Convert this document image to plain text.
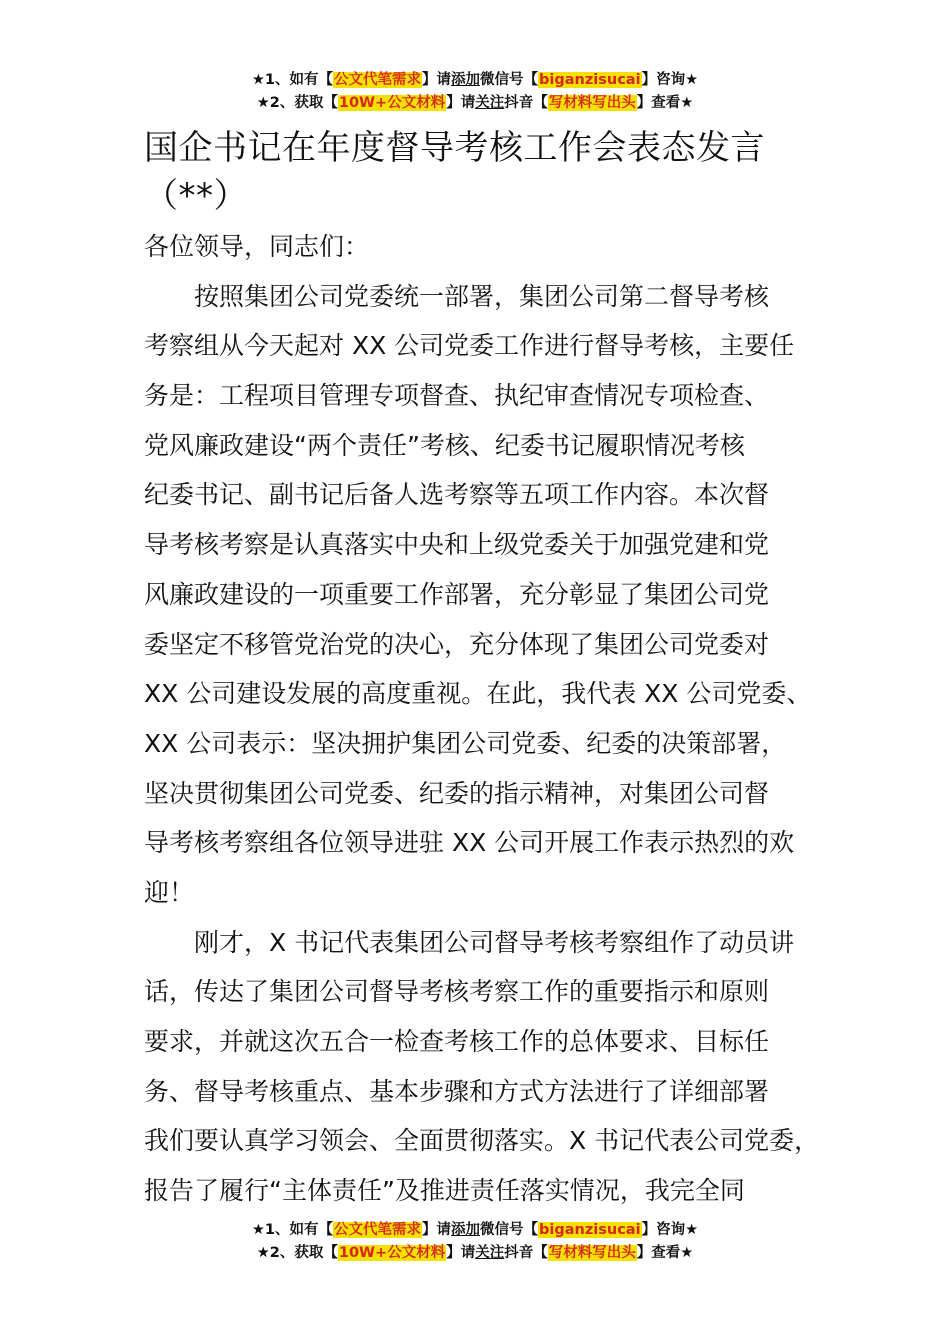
★1、如有【公文代笔需求】请添加微信号【biganzisucai】咨询★
★2、获取【10W+公文材料】请关注抖音【写材料写出头】查看★
国企书记在年度督导考核工作会表态发言
（**）

各位领导，同志们：

按照集团公司党委统一部署，集团公司第二督导考核
考察组从今天起对 XX 公司党委工作进行督导考核，主要任
务是：工程项目管理专项督查、执纪审查情况专项检查、
党风廉政建设“两个责任”考核、纪委书记履职情况考核
纪委书记、副书记后备人选考察等五项工作内容。本次督
导考核考察是认真落实中央和上级党委关于加强党建和党
风廉政建设的一项重要工作部署，充分彰显了集团公司党
委坚定不移管党治党的决心，充分体现了集团公司党委对
XX 公司建设发展的高度重视。在此，我代表 XX 公司党委、
XX 公司表示：坚决拥护集团公司党委、纪委的决策部署，
坚决贯彻集团公司党委、纪委的指示精神，对集团公司督
导考核考察组各位领导进驻 XX 公司开展工作表示热烈的欢
迎！
刚才，X 书记代表集团公司督导考核考察组作了动员讲
话，传达了集团公司督导考核考察工作的重要指示和原则
要求，并就这次五合一检查考核工作的总体要求、目标任
务、督导考核重点、基本步骤和方式方法进行了详细部署
我们要认真学习领会、全面贯彻落实。X 书记代表公司党委，
报告了履行“主体责任”及推进责任落实情况，我完全同
★1、如有【公文代笔需求】请添加微信号【biganzisucai】咨询★
★2、获取【10W+公文材料】请关注抖音【写材料写出头】查看★
